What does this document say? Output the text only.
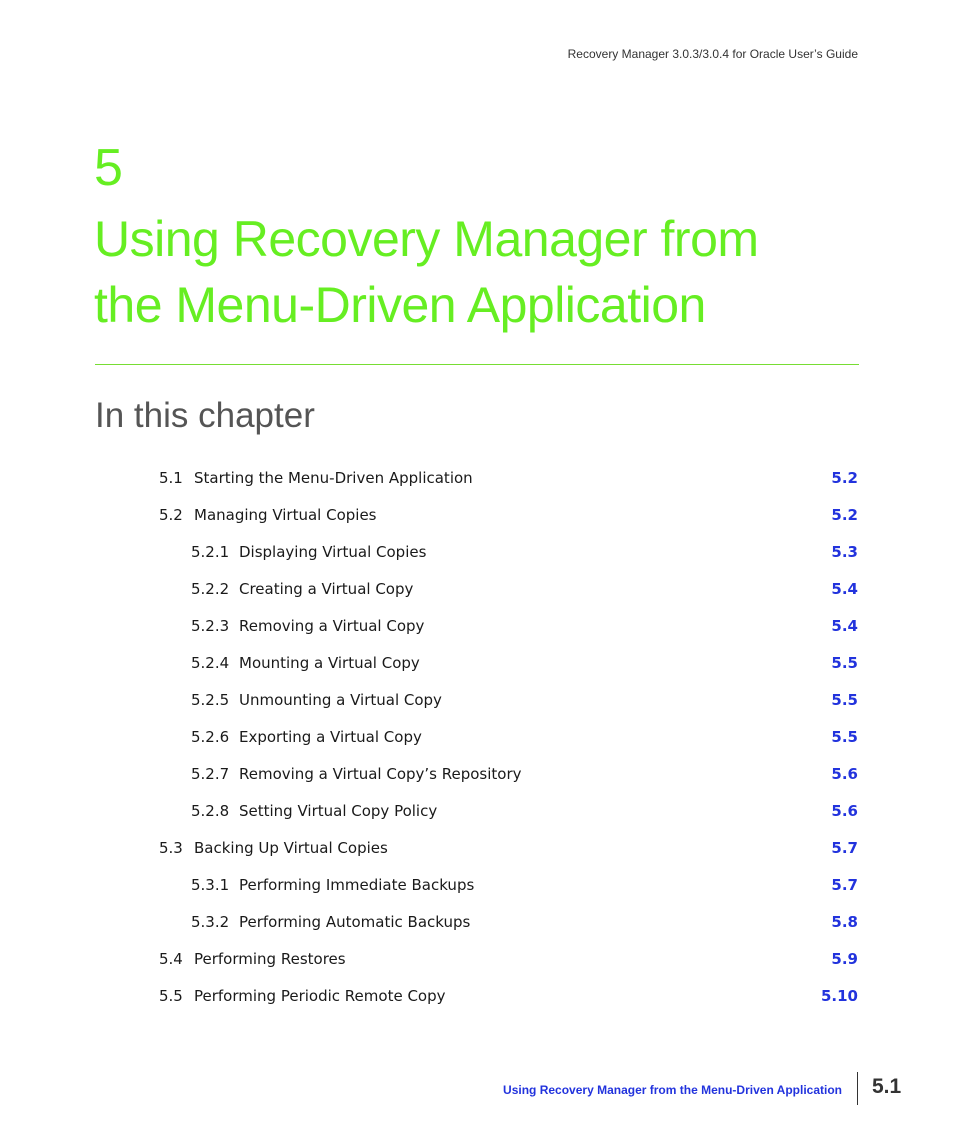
Recovery Manager 3.0.3/3.0.4 for Oracle User’s Guide
5
Using Recovery Manager from
the Menu-Driven Application
In this chapter
5.1 Starting the Menu-Driven Application	5.2
5.2 Managing Virtual Copies	5.2
5.2.1 Displaying Virtual Copies	5.3
5.2.2 Creating a Virtual Copy	5.4
5.2.3 Removing a Virtual Copy	5.4
5.2.4 Mounting a Virtual Copy	5.5
5.2.5 Unmounting a Virtual Copy	5.5
5.2.6 Exporting a Virtual Copy	5.5
5.2.7 Removing a Virtual Copy’s Repository	5.6
5.2.8 Setting Virtual Copy Policy	5.6
5.3 Backing Up Virtual Copies	5.7
5.3.1 Performing Immediate Backups	5.7
5.3.2 Performing Automatic Backups	5.8
5.4 Performing Restores	5.9
5.5 Performing Periodic Remote Copy	5.10
Using Recovery Manager from the Menu-Driven Application 5.1
